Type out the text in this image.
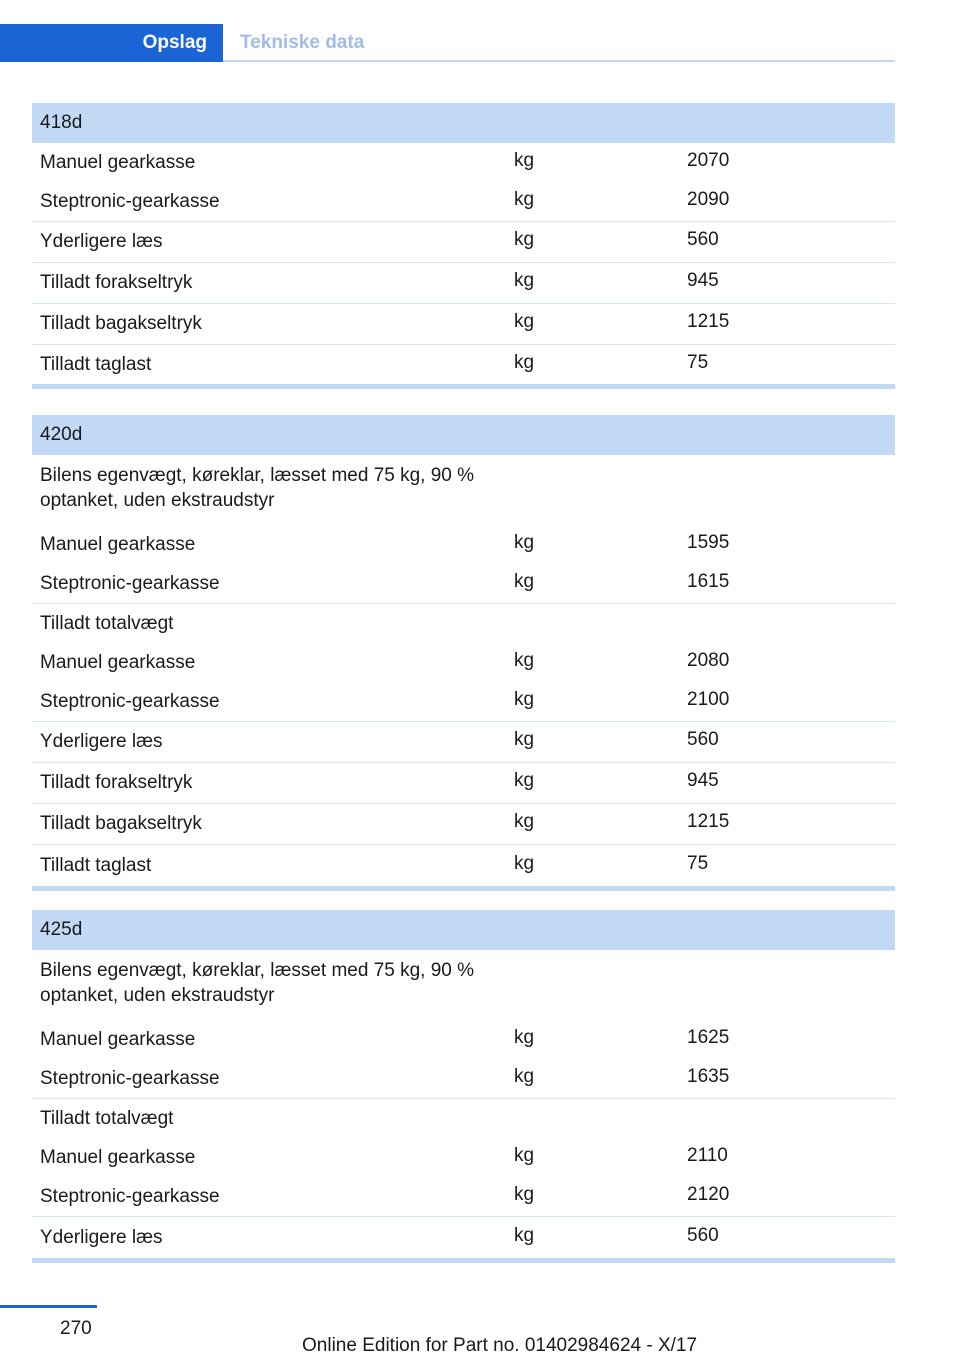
Opslag	Tekniske data
418d
Manuel gearkasse	kg	2070
Steptronic-gearkasse	kg	2090
Yderligere læs	kg	560
Tilladt forakseltryk	kg	945
Tilladt bagakseltryk	kg	1215
Tilladt taglast	kg	75
420d
Bilens egenvægt, køreklar, læsset med 75 kg, 90 % optanket, uden ekstraudstyr
Manuel gearkasse	kg	1595
Steptronic-gearkasse	kg	1615
Tilladt totalvægt
Manuel gearkasse	kg	2080
Steptronic-gearkasse	kg	2100
Yderligere læs	kg	560
Tilladt forakseltryk	kg	945
Tilladt bagakseltryk	kg	1215
Tilladt taglast	kg	75
425d
Bilens egenvægt, køreklar, læsset med 75 kg, 90 % optanket, uden ekstraudstyr
Manuel gearkasse	kg	1625
Steptronic-gearkasse	kg	1635
Tilladt totalvægt
Manuel gearkasse	kg	2110
Steptronic-gearkasse	kg	2120
Yderligere læs	kg	560
270
Online Edition for Part no. 01402984624 - X/17
